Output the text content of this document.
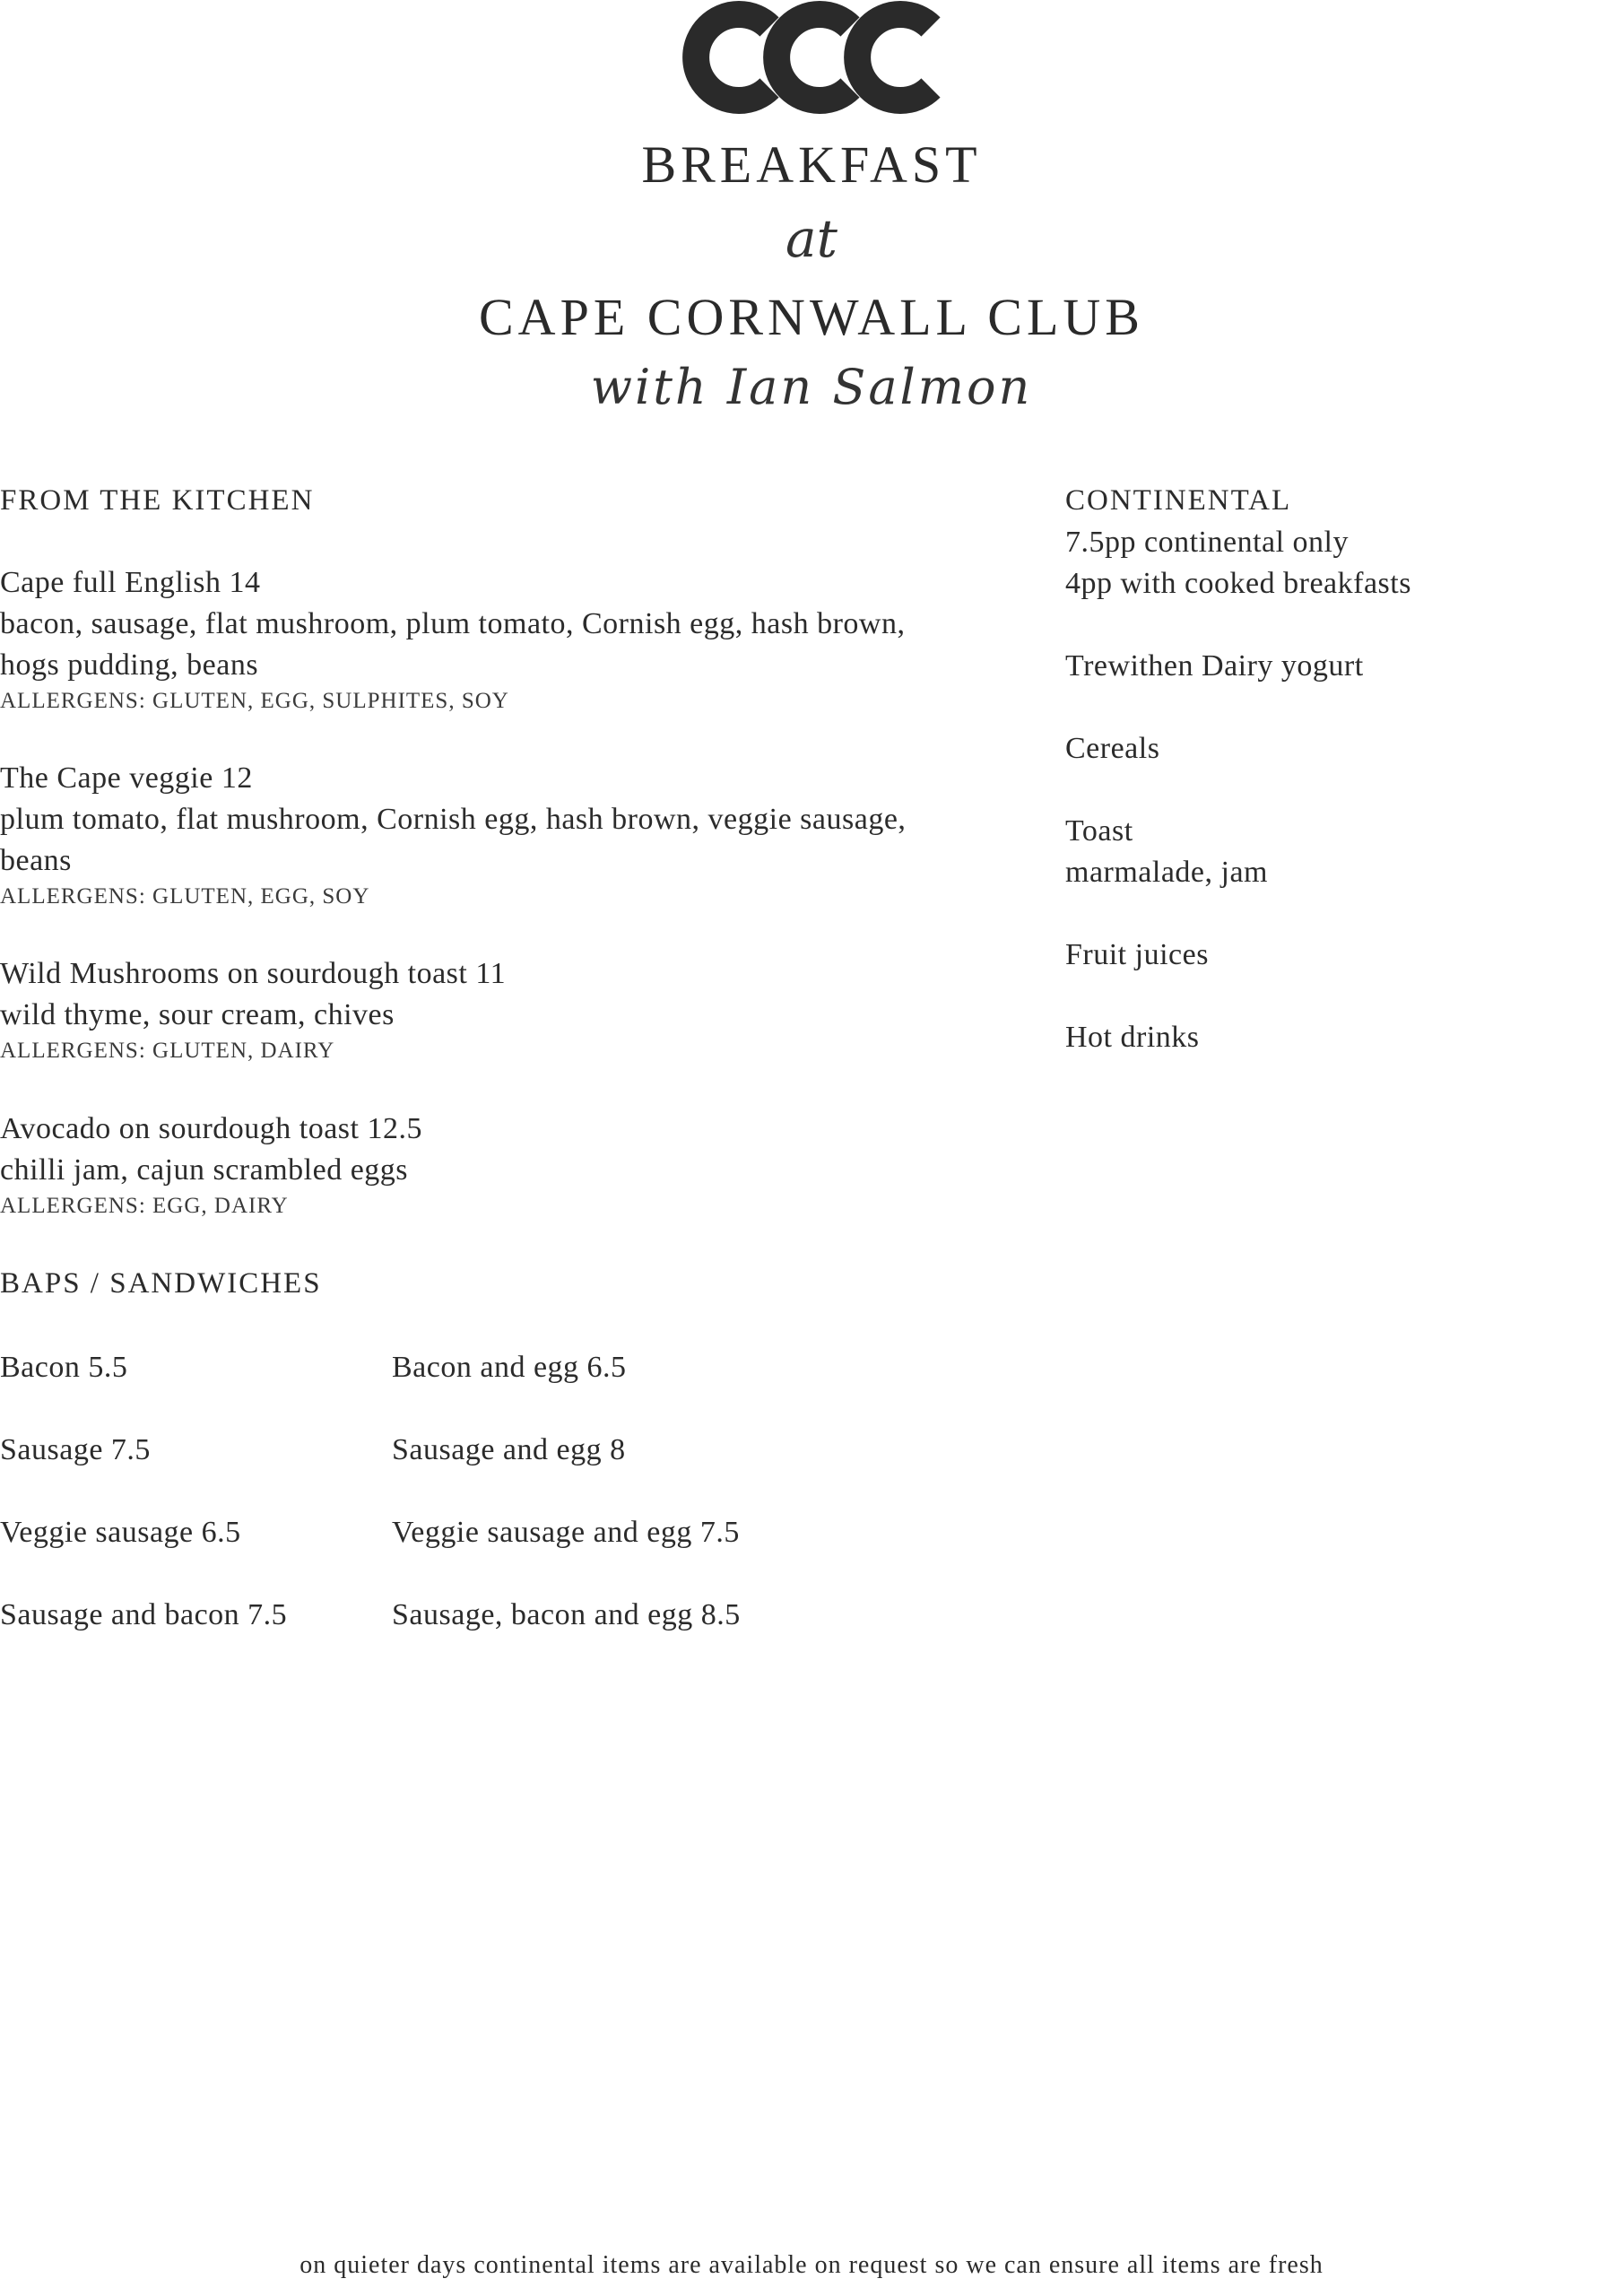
BREAKFAST
at
CAPE CORNWALL CLUB
with Ian Salmon
FROM THE KITCHEN
Cape full English 14
bacon, sausage, flat mushroom, plum tomato, Cornish egg, hash brown,
hogs pudding, beans
ALLERGENS: GLUTEN, EGG, SULPHITES, SOY
The Cape veggie 12
plum tomato, flat mushroom, Cornish egg, hash brown, veggie sausage,
beans
ALLERGENS: GLUTEN, EGG, SOY
Wild Mushrooms on sourdough toast 11
wild thyme, sour cream, chives
ALLERGENS: GLUTEN, DAIRY
Avocado on sourdough toast 12.5
chilli jam, cajun scrambled eggs
ALLERGENS: EGG, DAIRY
CONTINENTAL
7.5pp continental only
4pp with cooked breakfasts
Trewithen Dairy yogurt
Cereals
Toast
marmalade, jam
Fruit juices
Hot drinks
BAPS / SANDWICHES
Bacon 5.5
Sausage 7.5
Veggie sausage 6.5
Sausage and bacon 7.5
Bacon and egg 6.5
Sausage and egg 8
Veggie sausage and egg 7.5
Sausage, bacon and egg 8.5
on quieter days continental items are available on request so we can ensure all items are fresh
